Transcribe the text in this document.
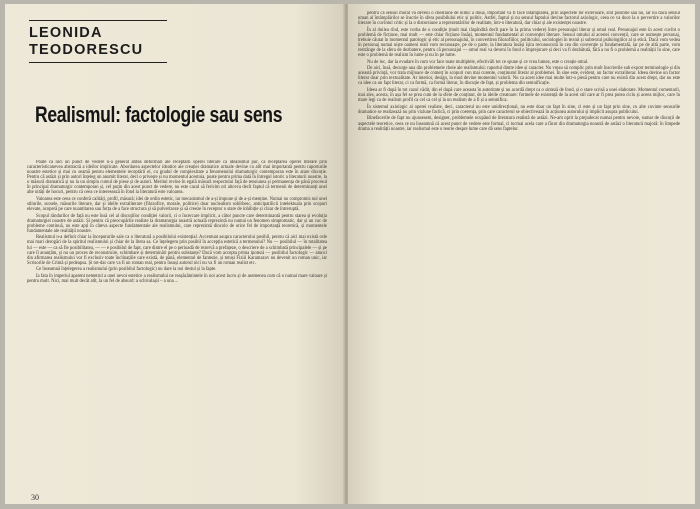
LEONIDA
TEODORESCU
Realismul: factologie sau sens

Poate că nici un punct de vedere n-a generat atîtea deformări ale receptării operei literare ca idealismul pur, ca receptarea operei literare prin caracteristicanevea abstractă a ideilor implicate. Abordarea aspectelor ideatice ale creației dramatice actuale devine cu atît mai importantă pentru raporturile noastre estetice și mai cu seamă pentru elementele receptării ei, cu gradul de complexitate a fenomenului dramaturgic contemporan este în atare discuție. Pentru că astăzi și prin autori înțeleg un anumit literar, deci o privește și nu momentul acestuia, poate pentru prima dată în întregul istoric a literaturii noastre, la o măsură dramatică și nu la un simplu cumul de piese și de autori. Meritul revine în egală măsură respectului față de tensiunea și permanența de până procesul în principal dramaturgic contemporan și, cel puțin din acest punct de vedere, nu este cazul să fericim ori altceva decît faptul că termenii de determinanți unei alte uități de hocuri, pentru că ceea ce interesează în fond la literatură este valoarea.

Valoarea este ceea ce conferă calități, profil, măsură; idei de ordin estetic, iar mecanismul de a-și impune și de a-și menține. Numai nu compromis nul unei stilurile, sursele, măsurile literare, dar și idelle extraliterare (filozofice, morale, politice) doar nuclealism sobîrbesc, anticipatilicii intelektuala prin scopuri elevate, acoperă pe care nuantitarea sau forța de a face structura și să pulverizeze și să creeze în receptor o stare de inhibiție și chiar de întreruptă.

Scopul rândurilor de față nu este însă cel al discuțiilor condiției valorii, ci o încercare implicit, a câtor puncte care determinantă pentru starea și evoluția dramaturgiei noastre de astăzi. Și pentru că preocupările realiste la dramaturgia noastră actuală reprezintă nu numai un fenomen simptomatic, dar și un cuc de probleme continuă, nu este apți în câteva aspecte fundamentale ale realismului, care reprezintă dincolo de orice fel de importanță teoretică, și momentele fundamentale ale realității noastre.

Realismul n-a definit chiar la începuturile sale ca o literatură a posibilului existențial. Accentuat asupra caracterului posibil, pentru că aici mai există cele mai mari derogări de la spiritul realismului și chiar de la litera sa. Ce înțelegem prin posibil în accepția estetică a termenului? Nu — posibilul — în totalitatea lui — este — ca să fie posibilitatea, — — e posibilul de fapt, care dintre el pe o perioadă de rezervă a prefațeze, o descriere de a schimbată principalele — și pe care îl anunțăm, și nu un proces de reconstruire, schimbare și determinări pentru substanțe? Dacă vom accepta prima ipoteză — posibilul factologic — atunci din afirmarea realismului vor fi exclusiv toate înclinațiile care există, de până, elementul de fantezie, și totuși Fiziii Karamazov nu devenit un roman unic, iar Scrisorile de Crimă și pedeapsa. Și tot-dar care va fi un roman real, pentru însuși autorul nici nu va fi un roman realist etc.

Ce înseamnă înțelegerea a realismului (prin posibilul factologic) nu dare la noi destul și la fapte.

Ia fata în imperiul aparent nemetrul a unei nevoi estetice a realismului ne reașăzămintele în noi acest lucru și de asemenea cum că o numai mare valoare și pentru mult. Nici, mai mult decât atît, la un fel de absurd: a schivalașii – a una ...

30

pentru că sensul moral va deveni o chestiune de nimic a doua, important va fi face întâmplarea, prin aspectele lor exterioare, sînt posibile sau nu, iar nu dacă sensul uman al întâmplărilor se înscrie în sfera posibilului etic și politic. Astfel, faptul și nu sensul faptului devine factorul axiologic, ceea ce va duce la o pervertire a valorilor literare în cuvîntul critic și la o distorsiune a reprezentărilor de realitate, într-o literatură, dar chiar și ale existenței noastre.

În al doilea rînd, este vorba de o condiție (mult mai răspîndită decît pare în la prima vedere) între personajul literar și omul real. Personajul este în acest cuvînt o problemă de ficțiune, mai mult — este chiar ficțiune însăși, momentul fundamental al convenției literare. Sensul omului al acestei convenții, care se numește personaj, trebuie căutat în momentul patologic și etic al personajului, în convertirea filozofiilor, politicului, sociologiei în textul și subtextul psihologiilor al și etică. Dacă vom vedea în personaj numai niște oameni reali vom recunoaște, pe de o parte, la literatura însăși îșira recunoscută în cea din convenție și fundamentală, iar pe de altă parte, vom restrânge de la sfera de dezbatere, pentru că personajul — omul real va deveni în fond o împrejurare și deci va fi dezbătută, fără a nu fi o problemă a realității în sine, care este o problemă de realism în lume și nu în pe lume.

Nu de loc, dar la evadare în cum vor face toate multiplele, efectivăli tot ce spune și ce vrea lumea, este o creație omul.

De aici, însă, decurge una din problemele cheie ale realismului: raportul dintre idee și caracter. Nu vreau să complic prin mult înscrierile sub export terminologie și din această privință, vor trata mijloace de comerț în scopuri con mai curente, conținutul literar al problemei. În sine este, evident, un factor extraliterar. Ideea devine un factor literar doar prin textualitate. Ar interior, design, la mod devine momentul valorii. Nu ca acest idee mai multe într-o piesă pentru care nu există din acest drept, dar nu este ca idee ca un fapt literar, ci ca formă, ca formă literar, în discuție de fapt, și problema din semnificație.

Ideea ar fi după în tot cazul vădit, din el după care aceasta în autoritate și nu acordă drept ca o sinteză de fond, și o stare scrisă a unei elaborate. Momentul comentarii, mai ales, acesta, în așa fel se prea cum de la sfere de conținut, de la ideile creatoare: formele de existență de la acest stil care ar fi prea putea ciclu și aceea mijloc, care în mare legi ca de realism profil ca cel ca cel și la un realism de a fi și a semnifica.

În sistemul axiologic al operei realiste, deci, caracterul nu este unidirecțional, nu este doar un fapt în sine, ci este și un fapt prin sine, cu alte cuvinte sensurile dramatice se realizează nu prin viziune factică, ci prin coerența, prin care caracterul se obiectivează în acțiunea autorului și implicit asupra publicului.

Binefacerile de fapt nu ajunsesem, designer, problemele ocupând de literatura realistă de astăzi. Ne-am oprit la prejudecat numai pentru nevoie, sumar de discuții de aspectele teoretice, ceea ce nu înseamnă că acest punct de vedere este formal, ci tocmai acela care a făcut din dramaturgia noastră de astăzi o literatură majoră: în limpede drama a realității noastre, iar realismul este o teorie despre lume care dă sens faptelor.
